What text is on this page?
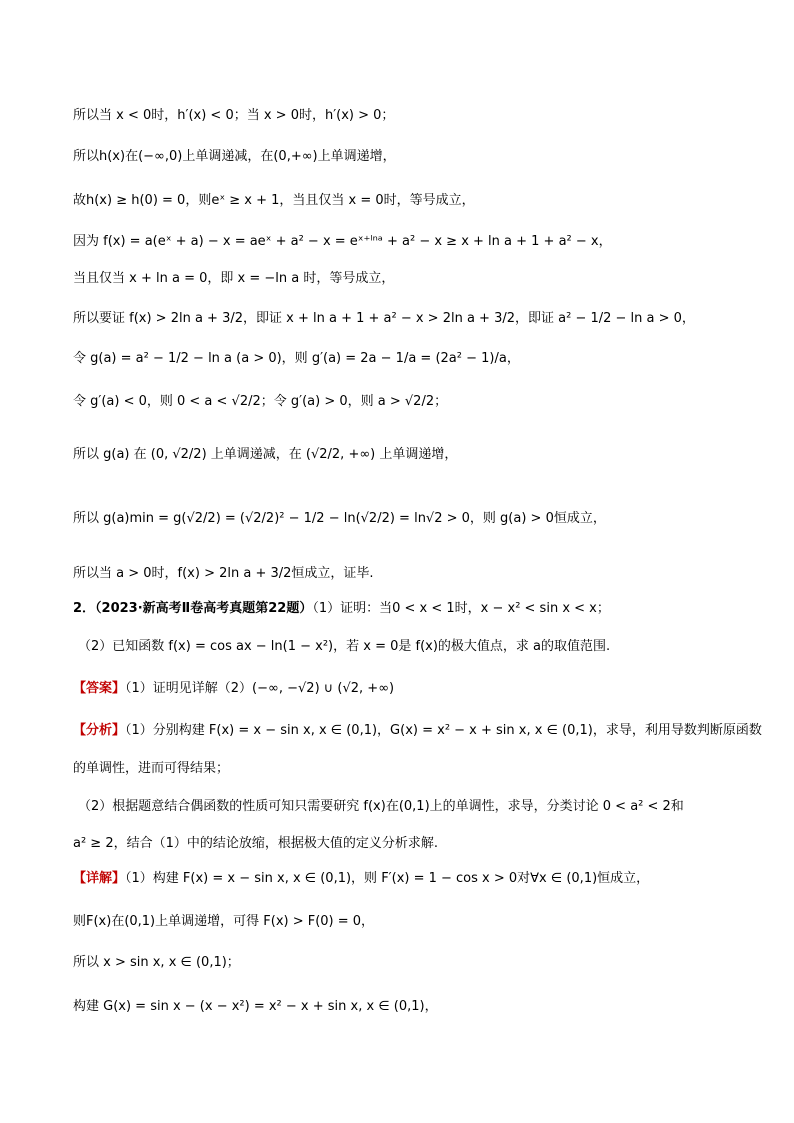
所以当 x < 0时，h′(x) < 0；当 x > 0时，h′(x) > 0；
所以h(x)在(−∞,0)上单调递减，在(0,+∞)上单调递增，
故h(x) ≥ h(0) = 0，则eˣ ≥ x + 1，当且仅当 x = 0时，等号成立，
因为 f(x) = a(eˣ + a) − x = aeˣ + a² − x = eˣ⁺ˡⁿᵃ + a² − x ≥ x + ln a + 1 + a² − x，
当且仅当 x + ln a = 0，即 x = −ln a 时，等号成立，
所以要证 f(x) > 2ln a + 3/2，即证 x + ln a + 1 + a² − x > 2ln a + 3/2，即证 a² − 1/2 − ln a > 0，
令 g(a) = a² − 1/2 − ln a (a > 0)，则 g′(a) = 2a − 1/a = (2a² − 1)/a，
令 g′(a) < 0，则 0 < a < √2/2；令 g′(a) > 0，则 a > √2/2；
所以 g(a) 在 (0, √2/2) 上单调递减，在 (√2/2, +∞) 上单调递增，
所以 g(a)min = g(√2/2) = (√2/2)² − 1/2 − ln(√2/2) = ln√2 > 0，则 g(a) > 0恒成立，
所以当 a > 0时，f(x) > 2ln a + 3/2恒成立，证毕.
2．（2023·新高考Ⅱ卷高考真题第22题）（1）证明：当0 < x < 1时，x − x² < sin x < x；
（2）已知函数 f(x) = cos ax − ln(1 − x²)，若 x = 0是 f(x)的极大值点，求 a的取值范围.
【答案】（1）证明见详解（2）(−∞, −√2) ∪ (√2, +∞)
【分析】（1）分别构建 F(x) = x − sin x, x ∈ (0,1)，G(x) = x² − x + sin x, x ∈ (0,1)，求导，利用导数判断原函数
的单调性，进而可得结果；
（2）根据题意结合偶函数的性质可知只需要研究 f(x)在(0,1)上的单调性，求导，分类讨论 0 < a² < 2和
a² ≥ 2，结合（1）中的结论放缩，根据极大值的定义分析求解.
【详解】（1）构建 F(x) = x − sin x, x ∈ (0,1)，则 F′(x) = 1 − cos x > 0对∀x ∈ (0,1)恒成立，
则F(x)在(0,1)上单调递增，可得 F(x) > F(0) = 0，
所以 x > sin x, x ∈ (0,1)；
构建 G(x) = sin x − (x − x²) = x² − x + sin x, x ∈ (0,1)，
